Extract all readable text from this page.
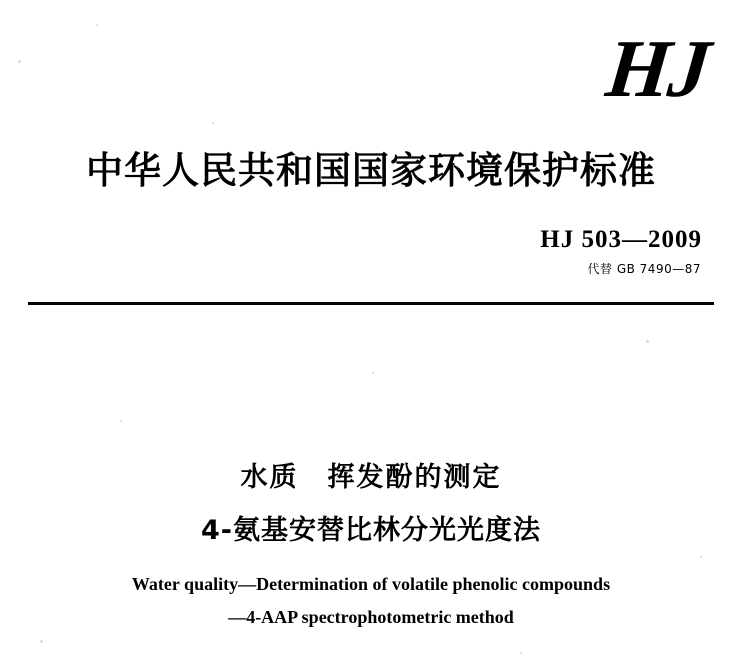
HJ
中华人民共和国国家环境保护标准
HJ 503—2009
代替 GB 7490—87
水质　挥发酚的测定
4-氨基安替比林分光光度法
Water quality—Determination of volatile phenolic compounds
—4-AAP spectrophotometric method
